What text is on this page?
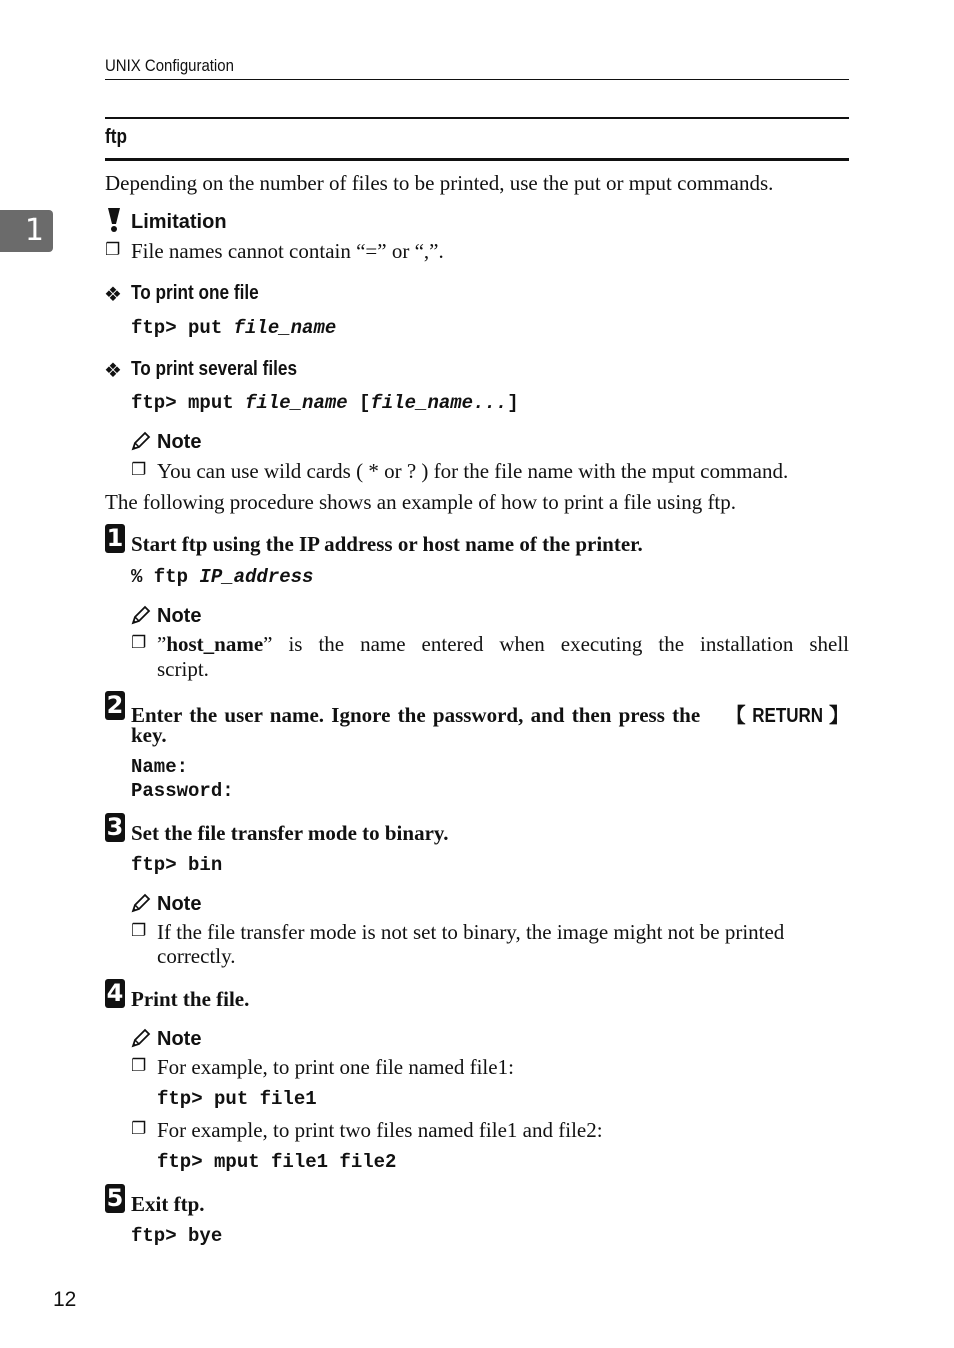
UNIX Configuration
1
ftp
Depending on the number of files to be printed, use the put or mput commands.
Limitation
❐ File names cannot contain “=” or “,”.
❖ To print one file
ftp> put file_name
❖ To print several files
ftp> mput file_name [file_name...]
Note
❐ You can use wild cards ( * or ? ) for the file name with the mput command.
The following procedure shows an example of how to print a file using ftp.
1 Start ftp using the IP address or host name of the printer.
% ftp IP_address
Note
❐ ”host_name” is the name entered when executing the installation shell
script.
2 Enter the user name. Ignore the password, and then press the 【 RETURN 】
key.
Name:
Password:
3 Set the file transfer mode to binary.
ftp> bin
Note
❐ If the file transfer mode is not set to binary, the image might not be printed
correctly.
4 Print the file.
Note
❐ For example, to print one file named file1:
ftp> put file1
❐ For example, to print two files named file1 and file2:
ftp> mput file1 file2
5 Exit ftp.
ftp> bye
12
